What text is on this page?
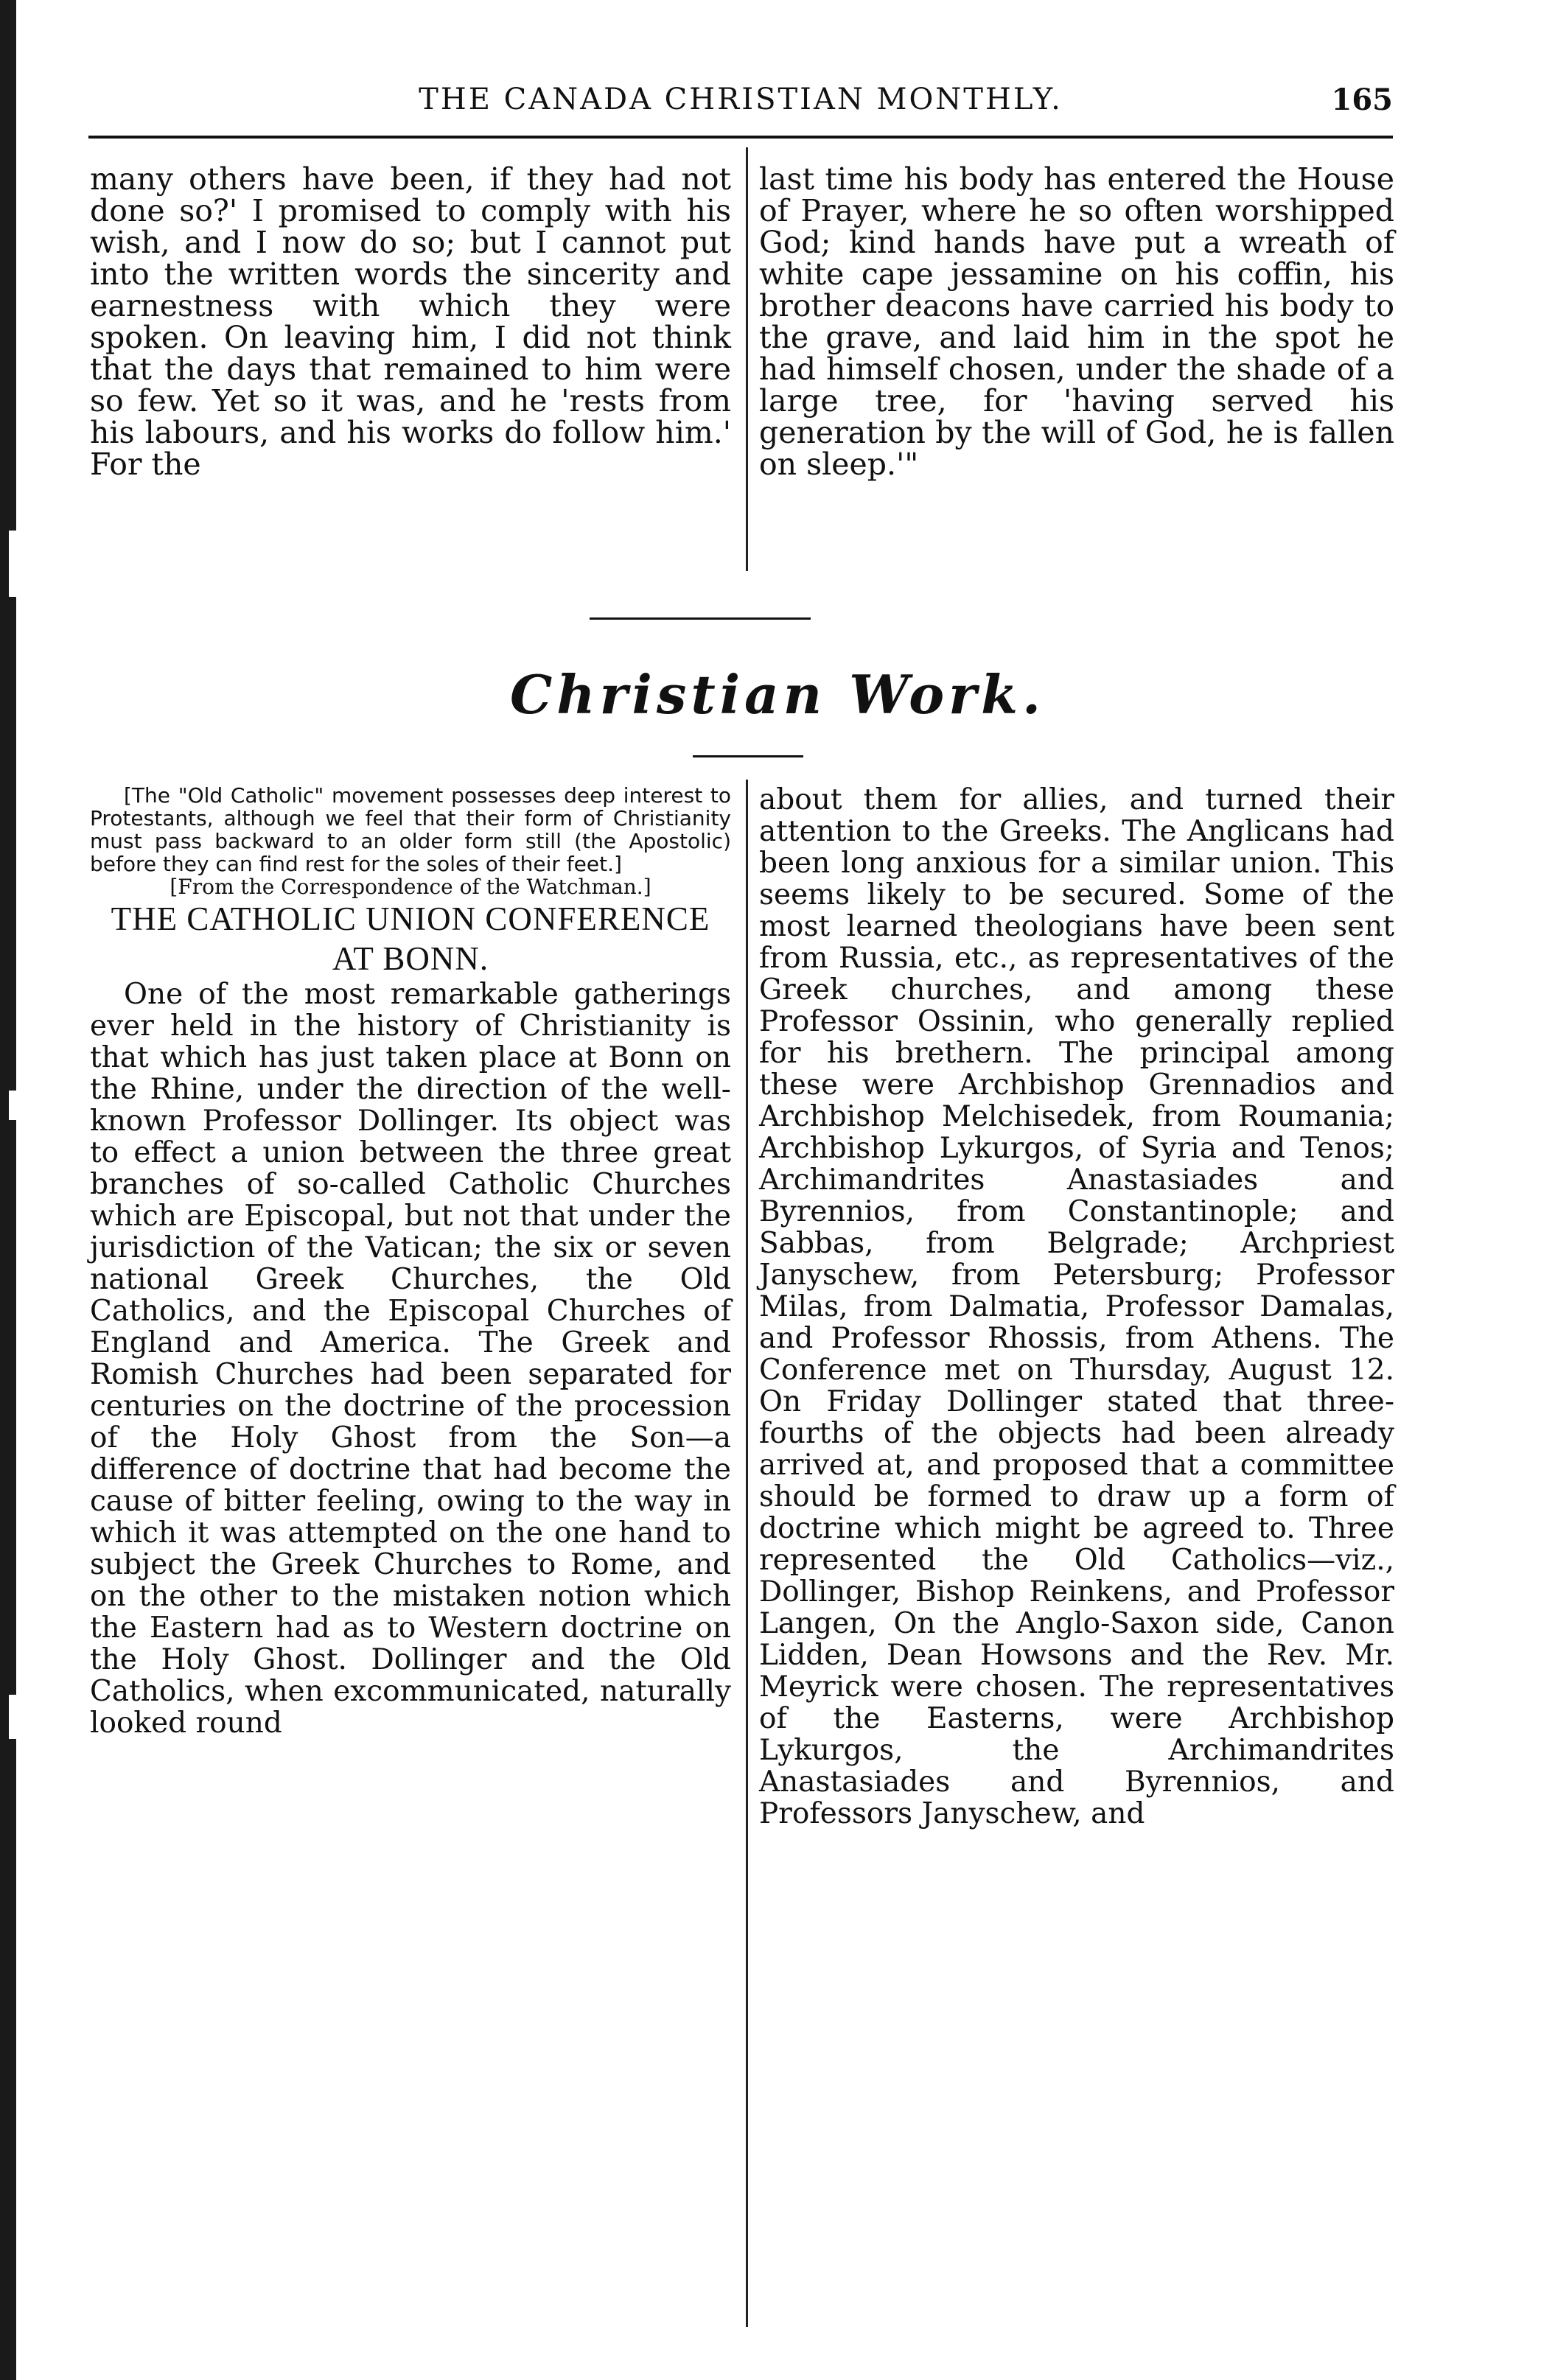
THE CANADA CHRISTIAN MONTHLY.	165

many others have been, if they had not done so?' I promised to comply with his wish, and I now do so; but I cannot put into the written words the sincerity and earnestness with which they were spoken. On leaving him, I did not think that the days that remained to him were so few. Yet so it was, and he 'rests from his labours, and his works do follow him.' For the

last time his body has entered the House of Prayer, where he so often worshipped God; kind hands have put a wreath of white cape jessamine on his coffin, his brother deacons have carried his body to the grave, and laid him in the spot he had himself chosen, under the shade of a large tree, for 'having served his generation by the will of God, he is fallen on sleep.'"

Christian Work.

[The "Old Catholic" movement possesses deep interest to Protestants, although we feel that their form of Christianity must pass backward to an older form still (the Apostolic) before they can find rest for the soles of their feet.]

[From the Correspondence of the Watchman.]

THE CATHOLIC UNION CONFERENCE AT BONN.

One of the most remarkable gatherings ever held in the history of Christianity is that which has just taken place at Bonn on the Rhine, under the direction of the well-known Professor Dollinger. Its object was to effect a union between the three great branches of so-called Catholic Churches which are Episcopal, but not that under the jurisdiction of the Vatican; the six or seven national Greek Churches, the Old Catholics, and the Episcopal Churches of England and America. The Greek and Romish Churches had been separated for centuries on the doctrine of the procession of the Holy Ghost from the Son—a difference of doctrine that had become the cause of bitter feeling, owing to the way in which it was attempted on the one hand to subject the Greek Churches to Rome, and on the other to the mistaken notion which the Eastern had as to Western doctrine on the Holy Ghost. Dollinger and the Old Catholics, when excommunicated, naturally looked round

about them for allies, and turned their attention to the Greeks. The Anglicans had been long anxious for a similar union. This seems likely to be secured. Some of the most learned theologians have been sent from Russia, etc., as representatives of the Greek churches, and among these Professor Ossinin, who generally replied for his brethern. The principal among these were Archbishop Grennadios and Archbishop Melchisedek, from Roumania; Archbishop Lykurgos, of Syria and Tenos; Archimandrites Anastasiades and Byrennios, from Constantinople; and Sabbas, from Belgrade; Archpriest Janyschew, from Petersburg; Professor Milas, from Dalmatia, Professor Damalas, and Professor Rhossis, from Athens. The Conference met on Thursday, August 12. On Friday Dollinger stated that three-fourths of the objects had been already arrived at, and proposed that a committee should be formed to draw up a form of doctrine which might be agreed to. Three represented the Old Catholics—viz., Dollinger, Bishop Reinkens, and Professor Langen, On the Anglo-Saxon side, Canon Lidden, Dean Howsons and the Rev. Mr. Meyrick were chosen. The representatives of the Easterns, were Archbishop Lykurgos, the Archimandrites Anastasiades and Byrennios, and Professors Janyschew, and
